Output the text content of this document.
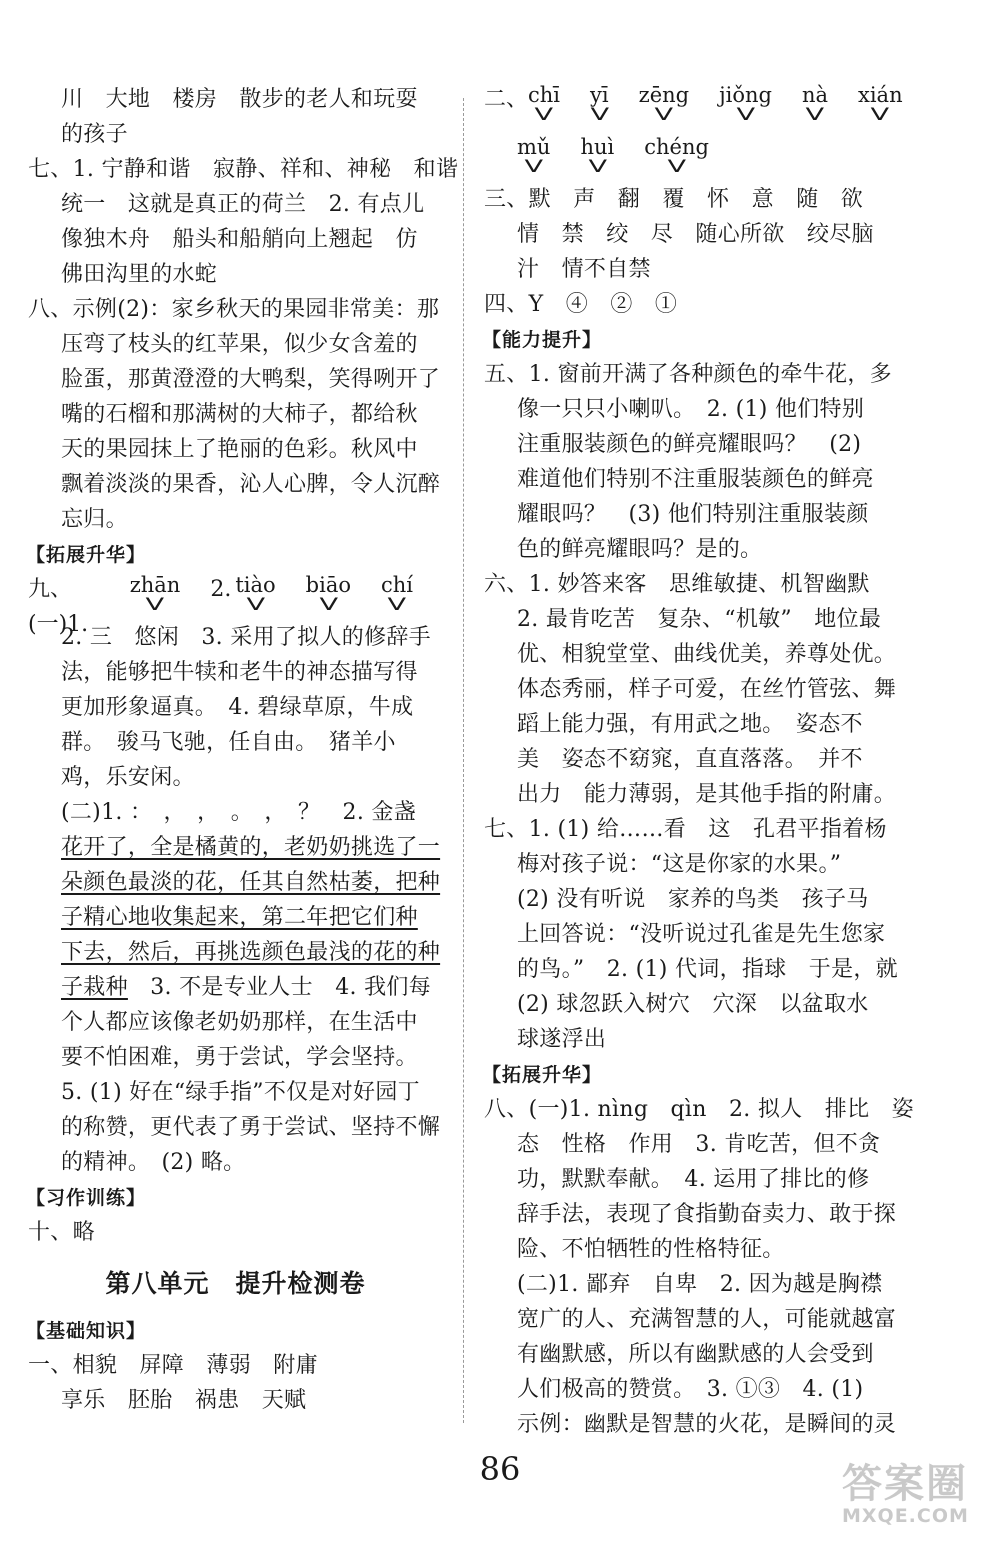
川　大地　楼房　散步的老人和玩耍
的孩子
七、1. 宁静和谐　寂静、祥和、神秘　和谐
统一　这就是真正的荷兰　2. 有点儿
像独木舟　船头和船艄向上翘起　仿
佛田沟里的水蛇
八、示例(2)：家乡秋天的果园非常美：那
压弯了枝头的红苹果，似少女含羞的
脸蛋，那黄澄澄的大鸭梨，笑得咧开了
嘴的石榴和那满树的大柿子，都给秋
天的果园抹上了艳丽的色彩。秋风中
飘着淡淡的果香，沁人心脾，令人沉醉
忘归。
【拓展升华】
九、(一)1.
zhān
V
2. tiào
V
biāo
V
chí
V
2. 三　悠闲　3. 采用了拟人的修辞手
法，能够把牛犊和老牛的神态描写得
更加形象逼真。　4. 碧绿草原，牛成
群。　骏马飞驰，任自由。　猪羊小
鸡，乐安闲。
(二)1. ：　，　，　。　，　？　2. 金盏
花开了，全是橘黄的，老奶奶挑选了一
朵颜色最淡的花，任其自然枯萎，把种
子精心地收集起来，第二年把它们种
下去，然后，再挑选颜色最浅的花的种
子栽种　3. 不是专业人士　4. 我们每
个人都应该像老奶奶那样，在生活中
要不怕困难，勇于尝试，学会坚持。
5. (1) 好在“绿手指”不仅是对好园丁
的称赞，更代表了勇于尝试、坚持不懈
的精神。　(2) 略。
【习作训练】
十、略
第八单元　提升检测卷
【基础知识】
一、相貌　屏障　薄弱　附庸
享乐　胚胎　祸患　天赋
二、 chī
V
yī
V
zēng
V
jiǒng
V
nà
V
xián
V
mǔ
V
huì
V
chéng
V
三、默　声　翻　覆　怀　意　随　欲
情　禁　绞　尽　随心所欲　绞尽脑
汁　情不自禁
四、Y　④　②　①
【能力提升】
五、1. 窗前开满了各种颜色的牵牛花，多
像一只只小喇叭。　2. (1) 他们特别
注重服装颜色的鲜亮耀眼吗？　(2)
难道他们特别不注重服装颜色的鲜亮
耀眼吗？　(3) 他们特别注重服装颜
色的鲜亮耀眼吗？是的。
六、1. 妙答来客　思维敏捷、机智幽默
2. 最肯吃苦　复杂、“机敏”　地位最
优、相貌堂堂、曲线优美，养尊处优。
体态秀丽，样子可爱，在丝竹管弦、舞
蹈上能力强，有用武之地。　姿态不
美　姿态不窈窕，直直落落。　并不
出力　能力薄弱，是其他手指的附庸。
七、1. (1) 给……看　这　孔君平指着杨
梅对孩子说：“这是你家的水果。”
(2) 没有听说　家养的鸟类　孩子马
上回答说：“没听说过孔雀是先生您家
的鸟。”　2. (1) 代词，指球　于是，就
(2) 球忽跃入树穴　穴深　以盆取水
球遂浮出
【拓展升华】
八、(一)1. nìng　qìn　2. 拟人　排比　姿
态　性格　作用　3. 肯吃苦，但不贪
功，默默奉献。　4. 运用了排比的修
辞手法，表现了食指勤奋卖力、敢于探
险、不怕牺牲的性格特征。
(二)1. 鄙弃　自卑　2. 因为越是胸襟
宽广的人、充满智慧的人，可能就越富
有幽默感，所以有幽默感的人会受到
人们极高的赞赏。　3. ①③　4. (1)
示例：幽默是智慧的火花，是瞬间的灵
86	答案圈
MXQE.COM
